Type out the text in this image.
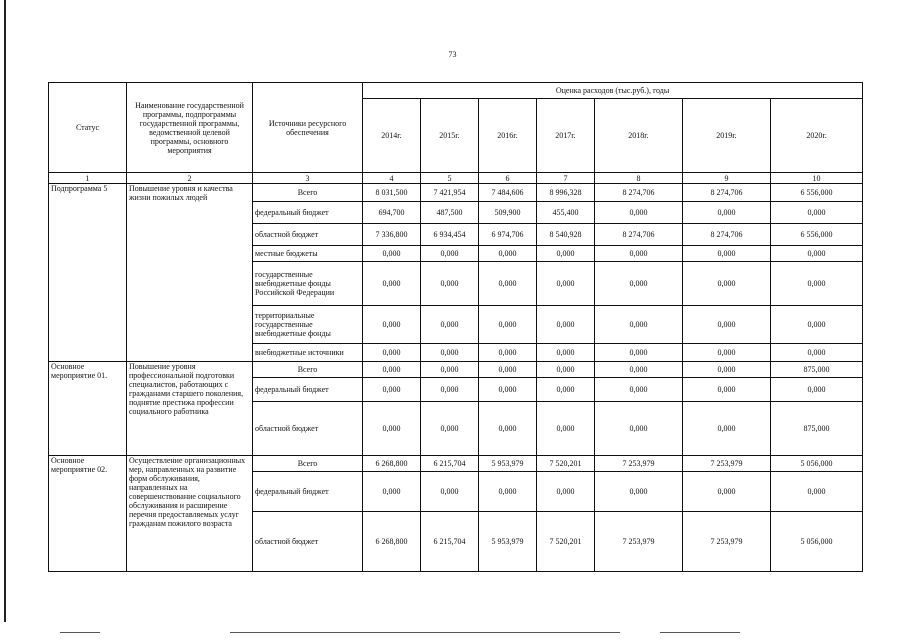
73
Статус	Наименование государственной программы, подпрограммы государственной программы, ведомственной целевой программы, основного мероприятия	Источники ресурсного обеспечения	Оценка расходов (тыс.руб.), годы						
			2014г.	2015г.	2016г.	2017г.	2018г.	2019г.	2020г.
1	2	3	4	5	6	7	8	9	10
Подпрограмма 5	Повышение уровня и качества жизни пожилых людей	Всего	8 031,500	7 421,954	7 484,606	8 996,328	8 274,706	8 274,706	6 556,000
		федеральный бюджет	694,700	487,500	509,900	455,400	0,000	0,000	0,000
		областной бюджет	7 336,800	6 934,454	6 974,706	8 540,928	8 274,706	8 274,706	6 556,000
		местные бюджеты	0,000	0,000	0,000	0,000	0,000	0,000	0,000
		государственные внебюджетные фонды Российской Федерации	0,000	0,000	0,000	0,000	0,000	0,000	0,000
		территориальные государственные внебюджетные фонды	0,000	0,000	0,000	0,000	0,000	0,000	0,000
		внебюджетные источники	0,000	0,000	0,000	0,000	0,000	0,000	0,000
Основное мероприятие 01.	Повышение уровня профессиональной подготовки специалистов, работающих с гражданами старшего поколения, поднятие престижа профессии социального работника	Всего	0,000	0,000	0,000	0,000	0,000	0,000	875,000
		федеральный бюджет	0,000	0,000	0,000	0,000	0,000	0,000	0,000
		областной бюджет	0,000	0,000	0,000	0,000	0,000	0,000	875,000
Основное мероприятие 02.	Осуществление организационных мер, направленных на развитие форм обслуживания, направленных на совершенствование социального обслуживания и расширение перечня предоставляемых услуг гражданам пожилого возраста	Всего	6 268,800	6 215,704	5 953,979	7 520,201	7 253,979	7 253,979	5 056,000
		федеральный бюджет	0,000	0,000	0,000	0,000	0,000	0,000	0,000
		областной бюджет	6 268,800	6 215,704	5 953,979	7 520,201	7 253,979	7 253,979	5 056,000
